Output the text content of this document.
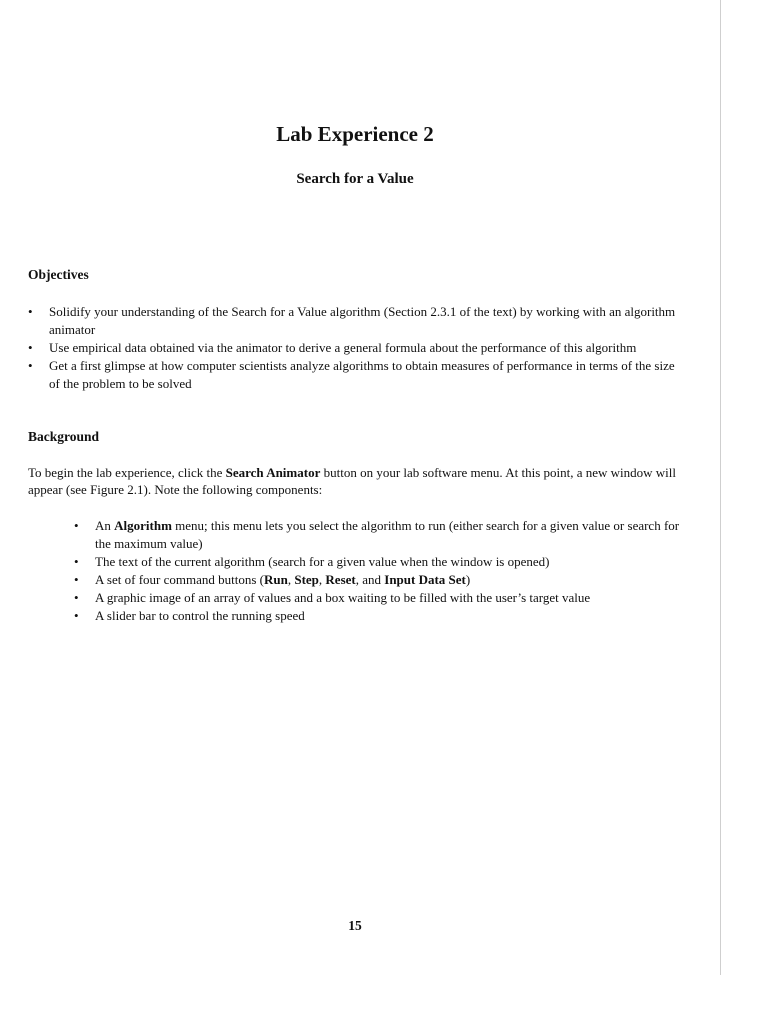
Lab Experience 2
Search for a Value
Objectives
• Solidify your understanding of the Search for a Value algorithm (Section 2.3.1 of the text) by working with an algorithm animator
• Use empirical data obtained via the animator to derive a general formula about the performance of this algorithm
• Get a first glimpse at how computer scientists analyze algorithms to obtain measures of performance in terms of the size of the problem to be solved
Background

To begin the lab experience, click the Search Animator button on your lab software menu. At this point, a new window will appear (see Figure 2.1). Note the following components:

• An Algorithm menu; this menu lets you select the algorithm to run (either search for a given value or search for the maximum value)
• The text of the current algorithm (search for a given value when the window is opened)
• A set of four command buttons (Run, Step, Reset, and Input Data Set)
• A graphic image of an array of values and a box waiting to be filled with the user’s target value
• A slider bar to control the running speed
15
